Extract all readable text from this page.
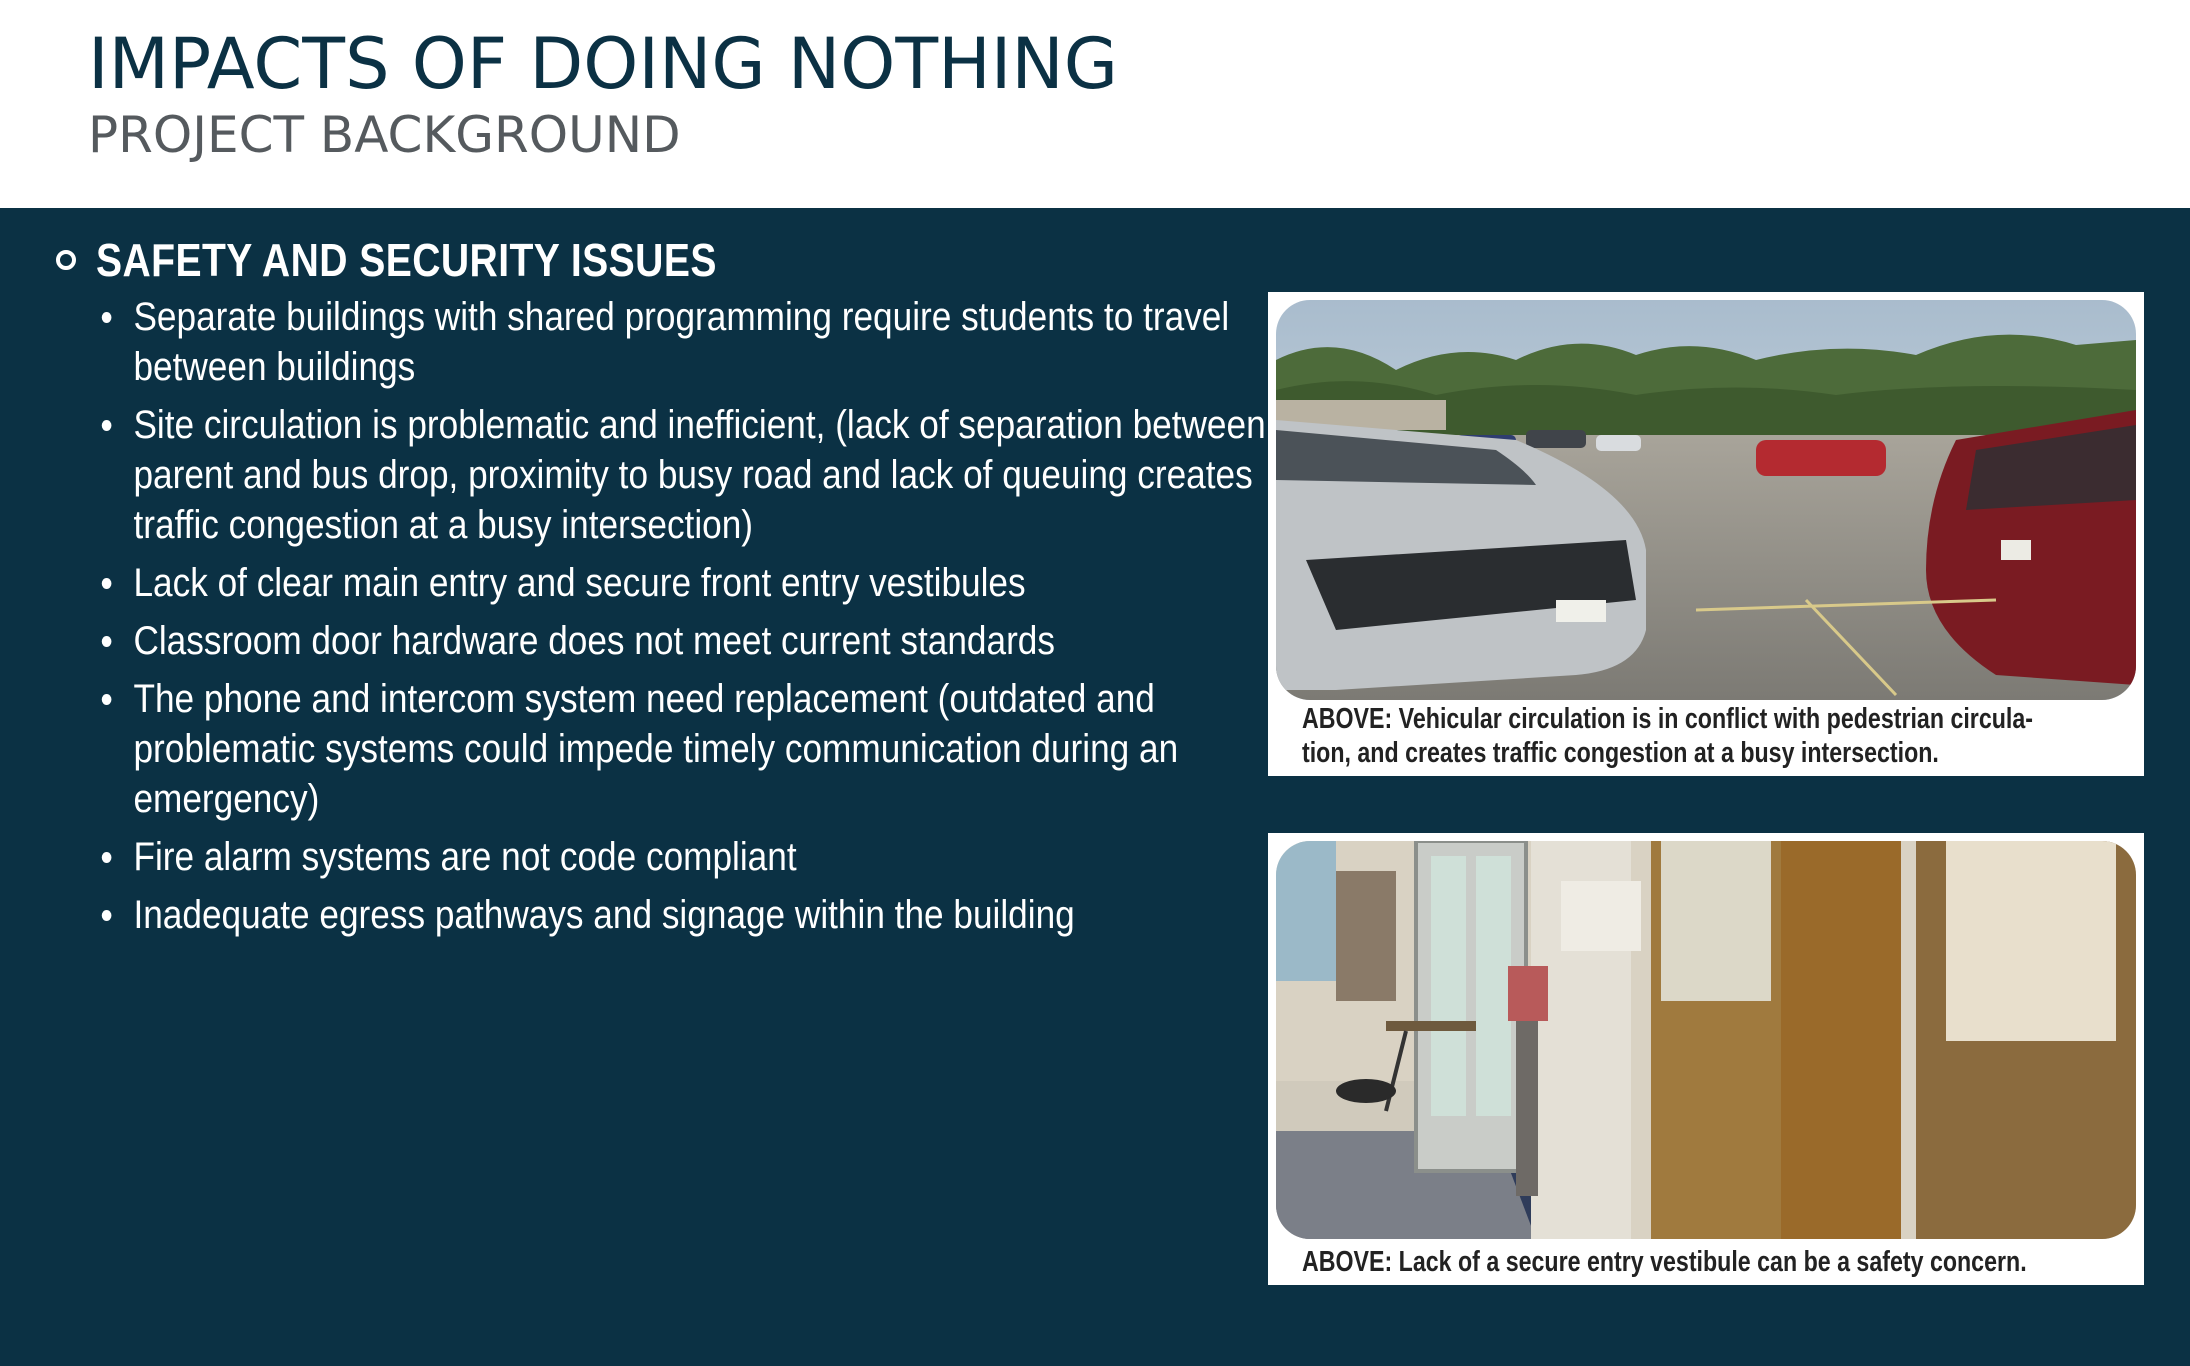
IMPACTS OF DOING NOTHING
PROJECT BACKGROUND
SAFETY AND SECURITY ISSUES
Separate buildings with shared programming require students to travel between buildings
Site circulation is problematic and inefficient, (lack of separation between parent and bus drop, proximity to busy road and lack of queuing creates traffic congestion at a busy intersection)
Lack of clear main entry and secure front entry vestibules
Classroom door hardware does not meet current standards
The phone and intercom system need replacement (outdated and problematic systems could impede timely communication during an emergency)
Fire alarm systems are not code compliant
Inadequate egress pathways and signage within the building
ABOVE: Vehicular circulation is in conflict with pedestrian circula-
tion, and creates traffic congestion at a busy intersection.
ABOVE: Lack of a secure entry vestibule can be a safety concern.
